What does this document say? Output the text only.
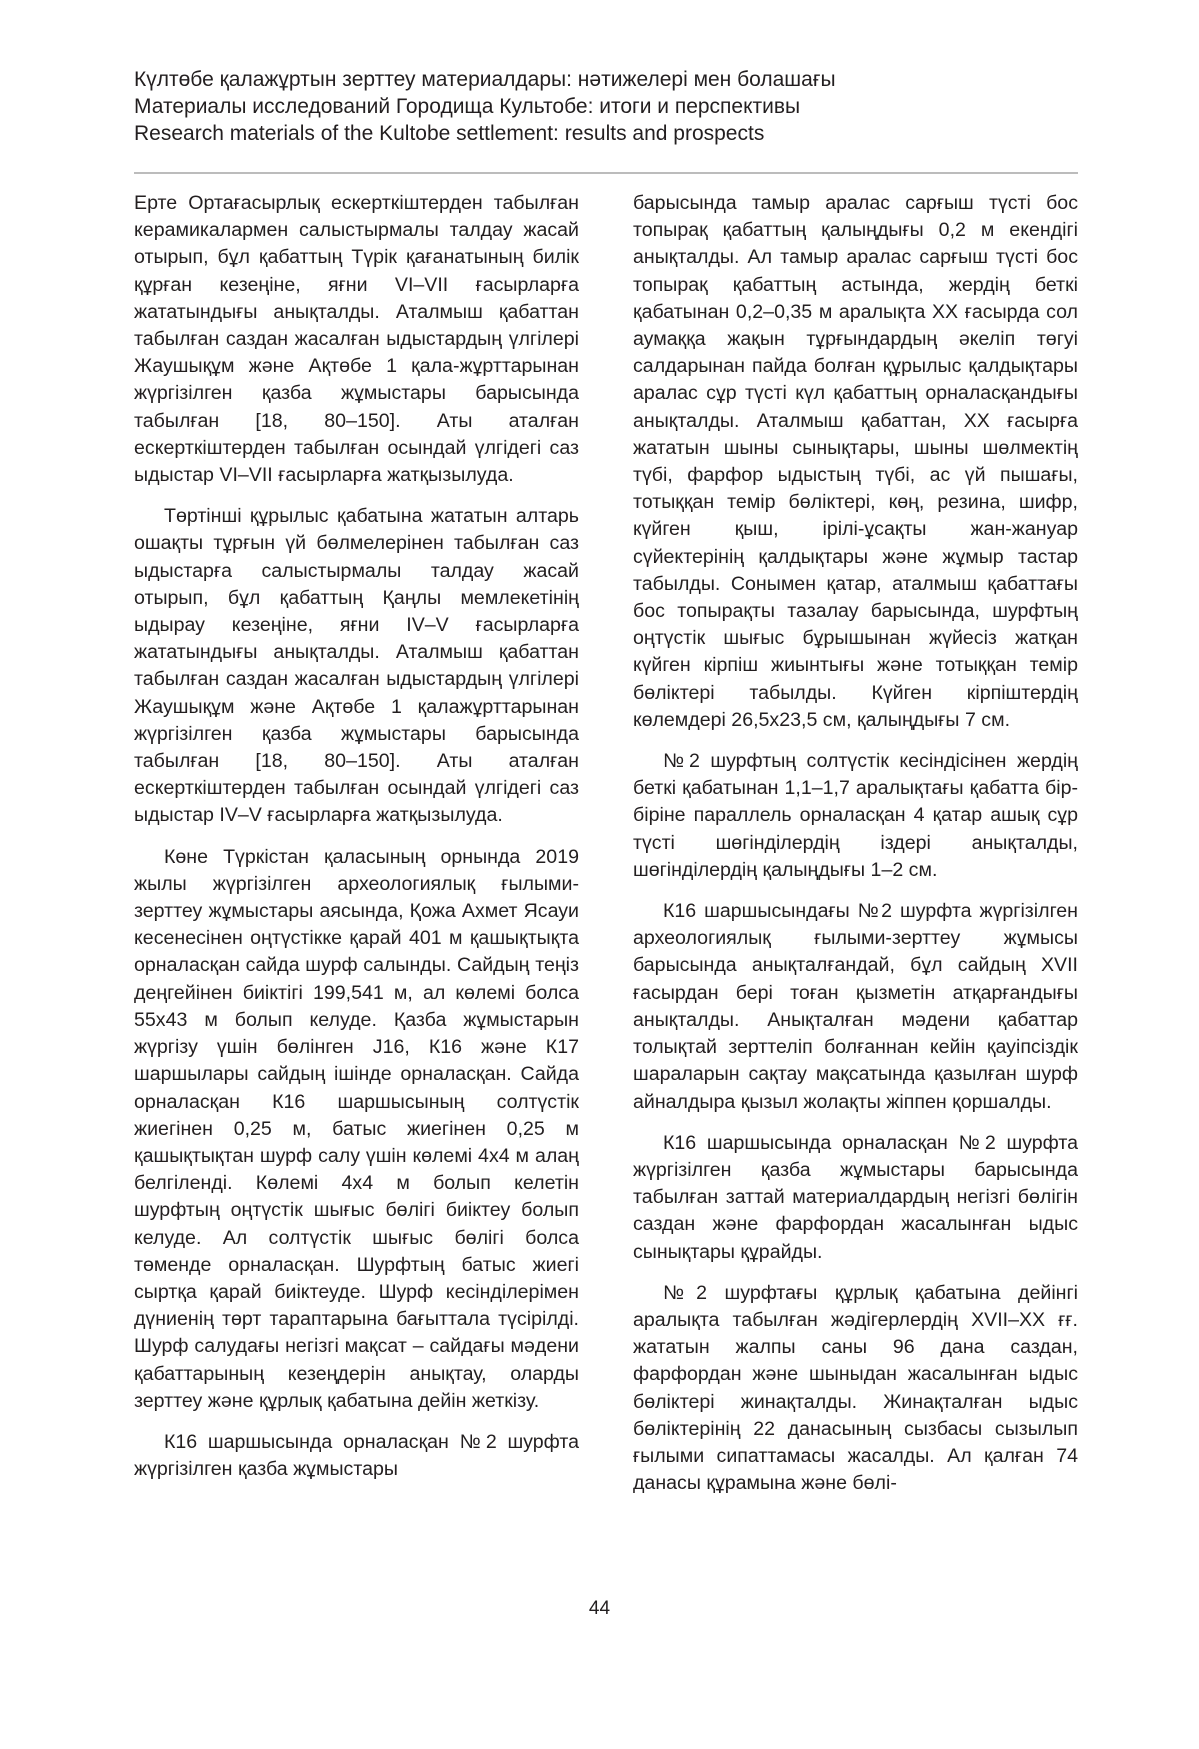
Күлтөбе қалажұртын зерттеу материалдары: нәтижелері мен болашағы
Материалы исследований Городища Культобе: итоги и перспективы
Research materials of the Kultobe settlement: results and prospects

Ерте Ортағасырлық ескерткіштерден табылған керамикалармен салыстырмалы талдау жасай отырып, бұл қабаттың Түрік қағанатының билік құрған кезеңіне, яғни VI–VII ғасырларға жататындығы анықталды. Аталмыш қабаттан табылған саздан жасалған ыдыстардың үлгілері Жаушықұм және Ақтөбе 1 қала-жұрттарынан жүргізілген қазба жұмыстары барысында табылған [18, 80–150]. Аты аталған ескерткіштерден табылған осындай үлгідегі саз ыдыстар VI–VII ғасырларға жатқызылуда.

Төртінші құрылыс қабатына жататын алтарь ошақты тұрғын үй бөлмелерінен табылған саз ыдыстарға салыстырмалы талдау жасай отырып, бұл қабаттың Қаңлы мемлекетінің ыдырау кезеңіне, яғни IV–V ғасырларға жататындығы анықталды. Аталмыш қабаттан табылған саздан жасалған ыдыстардың үлгілері Жаушықұм және Ақтөбе 1 қалажұрттарынан жүргізілген қазба жұмыстары барысында табылған [18, 80–150]. Аты аталған ескерткіштерден табылған осындай үлгідегі саз ыдыстар IV–V ғасырларға жатқызылуда.

Көне Түркістан қаласының орнында 2019 жылы жүргізілген археологиялық ғылыми-зерттеу жұмыстары аясында, Қожа Ахмет Ясауи кесенесінен оңтүстікке қарай 401 м қашықтықта орналасқан сайда шурф салынды. Сайдың теңіз деңгейінен биіктігі 199,541 м, ал көлемі болса 55х43 м болып келуде. Қазба жұмыстарын жүргізу үшін бөлінген J16, К16 және К17 шаршылары сайдың ішінде орналасқан. Сайда орналасқан К16 шаршысының солтүстік жиегінен 0,25 м, батыс жиегінен 0,25 м қашықтықтан шурф салу үшін көлемі 4х4 м алаң белгіленді. Көлемі 4х4 м болып келетін шурфтың оңтүстік шығыс бөлігі биіктеу болып келуде. Ал солтүстік шығыс бөлігі болса төменде орналасқан. Шурфтың батыс жиегі сыртқа қарай биіктеуде. Шурф кесінділерімен дүниенің төрт тараптарына бағыттала түсірілді. Шурф салудағы негізгі мақсат – сайдағы мәдени қабаттарының кезеңдерін анықтау, оларды зерттеу және құрлық қабатына дейін жеткізу.

К16 шаршысында орналасқан №2 шурфта жүргізілген қазба жұмыстары

барысында тамыр аралас сарғыш түсті бос топырақ қабаттың қалыңдығы 0,2 м екендігі анықталды. Ал тамыр аралас сарғыш түсті бос топырақ қабаттың астында, жердің беткі қабатынан 0,2–0,35 м аралықта XX ғасырда сол аумаққа жақын тұрғындардың әкеліп төгуі салдарынан пайда болған құрылыс қалдықтары аралас сұр түсті күл қабаттың орналасқандығы анықталды. Аталмыш қабаттан, XX ғасырға жататын шыны сынықтары, шыны шөлмектің түбі, фарфор ыдыстың түбі, ас үй пышағы, тотыққан темір бөліктері, көң, резина, шифр, күйген қыш, ірілі-ұсақты жан-жануар сүйектерінің қалдықтары және жұмыр тастар табылды. Сонымен қатар, аталмыш қабаттағы бос топырақты тазалау барысында, шурфтың оңтүстік шығыс бұрышынан жүйесіз жатқан күйген кірпіш жиынтығы және тотыққан темір бөліктері табылды. Күйген кірпіштердің көлемдері 26,5х23,5 см, қалыңдығы 7 см.

№2 шурфтың солтүстік кесіндісінен жердің беткі қабатынан 1,1–1,7 аралықтағы қабатта бір-біріне параллель орналасқан 4 қатар ашық сұр түсті шөгінділердің іздері анықталды, шөгінділердің қалыңдығы 1–2 см.

К16 шаршысындағы №2 шурфта жүргізілген археологиялық ғылыми-зерттеу жұмысы барысында анықталғандай, бұл сайдың XVII ғасырдан бері тоған қызметін атқарғандығы анықталды. Анықталған мәдени қабаттар толықтай зерттеліп болғаннан кейін қауіпсіздік шараларын сақтау мақсатында қазылған шурф айналдыра қызыл жолақты жіппен қоршалды.

К16 шаршысында орналасқан №2 шурфта жүргізілген қазба жұмыстары барысында табылған заттай материалдардың негізгі бөлігін саздан және фарфордан жасалынған ыдыс сынықтары құрайды.

№2 шурфтағы құрлық қабатына дейінгі аралықта табылған жәдігерлердің XVII–XX ғғ. жататын жалпы саны 96 дана саздан, фарфордан және шыныдан жасалынған ыдыс бөліктері жинақталды. Жинақталған ыдыс бөліктерінің 22 данасының сызбасы сызылып ғылыми сипаттамасы жасалды. Ал қалған 74 данасы құрамына және бөлі-

44
